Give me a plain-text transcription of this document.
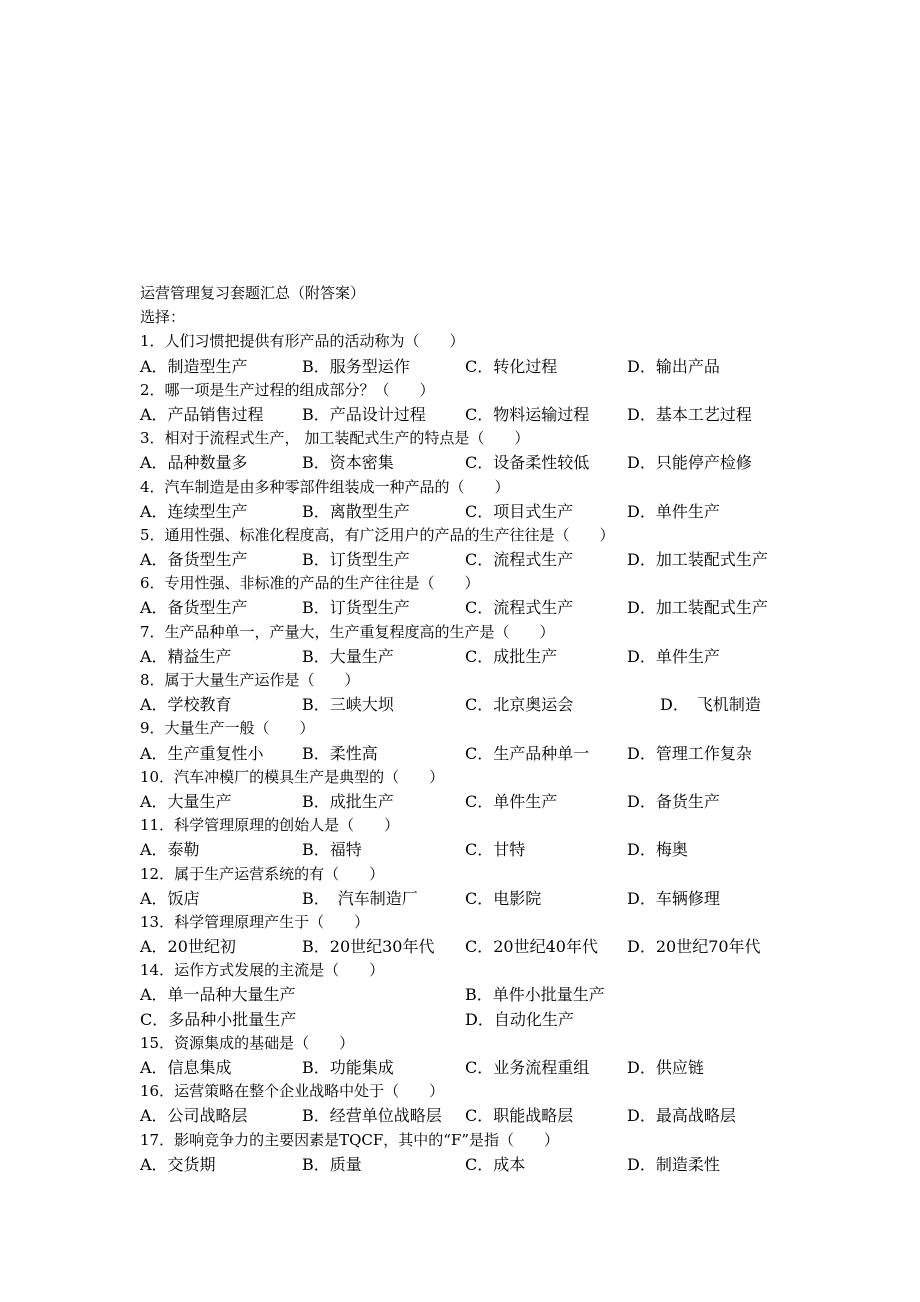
运营管理复习套题汇总（附答案）
选择：
1．人们习惯把提供有形产品的活动称为（　　）
A．制造型生产	B．服务型运作	C．转化过程	D．输出产品
2．哪一项是生产过程的组成部分？（　　）
A．产品销售过程 B．产品设计过程 C．物料运输过程 D．基本工艺过程
3．相对于流程式生产， 加工装配式生产的特点是（　　）
A．品种数量多	B．资本密集	C．设备柔性较低 D．只能停产检修
4．汽车制造是由多种零部件组装成一种产品的（　　）
A．连续型生产	B．离散型生产	C．项目式生产	D．单件生产
5．通用性强、标准化程度高，有广泛用户的产品的生产往往是（　　）
A．备货型生产	B．订货型生产	C．流程式生产	D．加工装配式生产
6．专用性强、非标准的产品的生产往往是（　　）
A．备货型生产	B．订货型生产	C．流程式生产	D．加工装配式生产
7．生产品种单一，产量大，生产重复程度高的生产是（　　）
A．精益生产	B．大量生产	C．成批生产	D．单件生产
8．属于大量生产运作是（　　）
A．学校教育	B．三峡大坝	C．北京奥运会	D．　飞机制造
9．大量生产一般（　　）
A．生产重复性小 B．柔性高	C．生产品种单一 D．管理工作复杂
10．汽车冲模厂的模具生产是典型的（　　）
A．大量生产	B．成批生产	C．单件生产	D．备货生产
11．科学管理原理的创始人是（　　）
A．泰勒	B．福特	C．甘特	D．梅奥
12．属于生产运营系统的有（　　）
A．饭店	B．　汽车制造厂	C．电影院	D．车辆修理
13．科学管理原理产生于（　　）
A．20世纪初	B．20世纪30年代 C．20世纪40年代 D．20世纪70年代
14．运作方式发展的主流是（　　）
A．单一品种大量生产	B．单件小批量生产
C．多品种小批量生产	D．自动化生产
15．资源集成的基础是（　　）
A．信息集成	B．功能集成	C．业务流程重组 D．供应链
16．运营策略在整个企业战略中处于（　　）
A．公司战略层	B．经营单位战略层 C．职能战略层	D．最高战略层
17．影响竞争力的主要因素是TQCF，其中的“F”是指（　　）
A．交货期	B．质量	C．成本	D．制造柔性
